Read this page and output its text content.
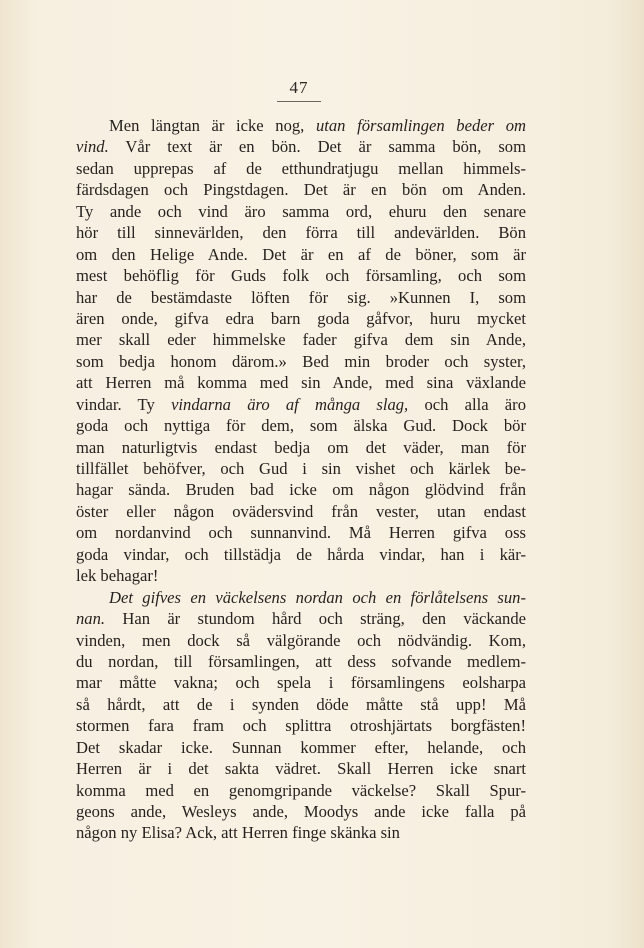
47
Men längtan är icke nog, utan församlingen beder om
vind. Vår text är en bön. Det är samma bön, som
sedan upprepas af de etthundratjugu mellan himmels-
färdsdagen och Pingstdagen. Det är en bön om Anden.
Ty ande och vind äro samma ord, ehuru den senare
hör till sinnevärlden, den förra till andevärlden. Bön
om den Helige Ande. Det är en af de böner, som är
mest behöflig för Guds folk och församling, och som
har de bestämdaste löften för sig. »Kunnen I, som
ären onde, gifva edra barn goda gåfvor, huru mycket
mer skall eder himmelske fader gifva dem sin Ande,
som bedja honom därom.» Bed min broder och syster,
att Herren må komma med sin Ande, med sina växlande
vindar. Ty vindarna äro af många slag, och alla äro
goda och nyttiga för dem, som älska Gud. Dock bör
man naturligtvis endast bedja om det väder, man för
tillfället behöfver, och Gud i sin vishet och kärlek be-
hagar sända. Bruden bad icke om någon glödvind från
öster eller någon ovädersvind från vester, utan endast
om nordanvind och sunnanvind. Må Herren gifva oss
goda vindar, och tillstädja de hårda vindar, han i kär-
lek behagar!
Det gifves en väckelsens nordan och en förlåtelsens sun-
nan. Han är stundom hård och sträng, den väckande
vinden, men dock så välgörande och nödvändig. Kom,
du nordan, till församlingen, att dess sofvande medlem-
mar måtte vakna; och spela i församlingens eolsharpa
så hårdt, att de i synden döde måtte stå upp! Må
stormen fara fram och splittra otroshjärtats borgfästen!
Det skadar icke. Sunnan kommer efter, helande, och
Herren är i det sakta vädret. Skall Herren icke snart
komma med en genomgripande väckelse? Skall Spur-
geons ande, Wesleys ande, Moodys ande icke falla på
någon ny Elisa? Ack, att Herren finge skänka sin
